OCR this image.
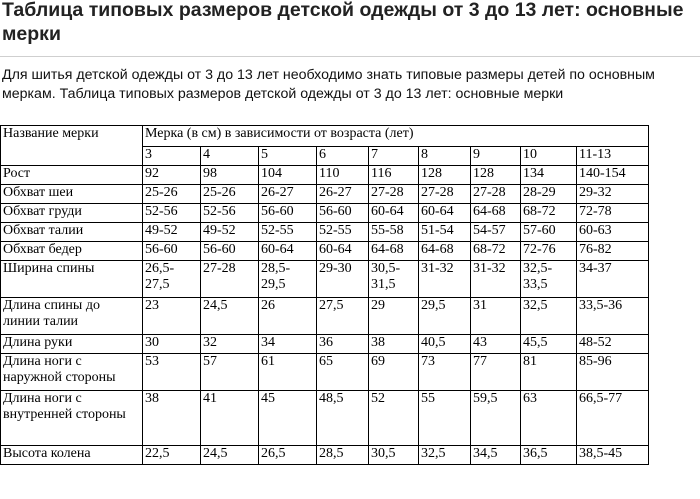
Таблица типовых размеров детской одежды от 3 до 13 лет: основные мерки
Для шитья детской одежды от 3 до 13 лет необходимо знать типовые размеры детей по основным меркам. Таблица типовых размеров детской одежды от 3 до 13 лет: основные мерки
Название мерки	Мерка (в см) в зависимости от возраста (лет)								
	3	4	5	6	7	8	9	10	11-13
Рост	92	98	104	110	116	128	128	134	140-154
Обхват шеи	25-26	25-26	26-27	26-27	27-28	27-28	27-28	28-29	29-32
Обхват груди	52-56	52-56	56-60	56-60	60-64	60-64	64-68	68-72	72-78
Обхват талии	49-52	49-52	52-55	52-55	55-58	51-54	54-57	57-60	60-63
Обхват бедер	56-60	56-60	60-64	60-64	64-68	64-68	68-72	72-76	76-82
Ширина спины	26,5-27,5	27-28	28,5-29,5	29-30	30,5-31,5	31-32	31-32	32,5-33,5	34-37
Длина спины до линии талии	23	24,5	26	27,5	29	29,5	31	32,5	33,5-36
Длина руки	30	32	34	36	38	40,5	43	45,5	48-52
Длина ноги с наружной стороны	53	57	61	65	69	73	77	81	85-96
Длина ноги с внутренней стороны	38	41	45	48,5	52	55	59,5	63	66,5-77
Высота колена	22,5	24,5	26,5	28,5	30,5	32,5	34,5	36,5	38,5-45
